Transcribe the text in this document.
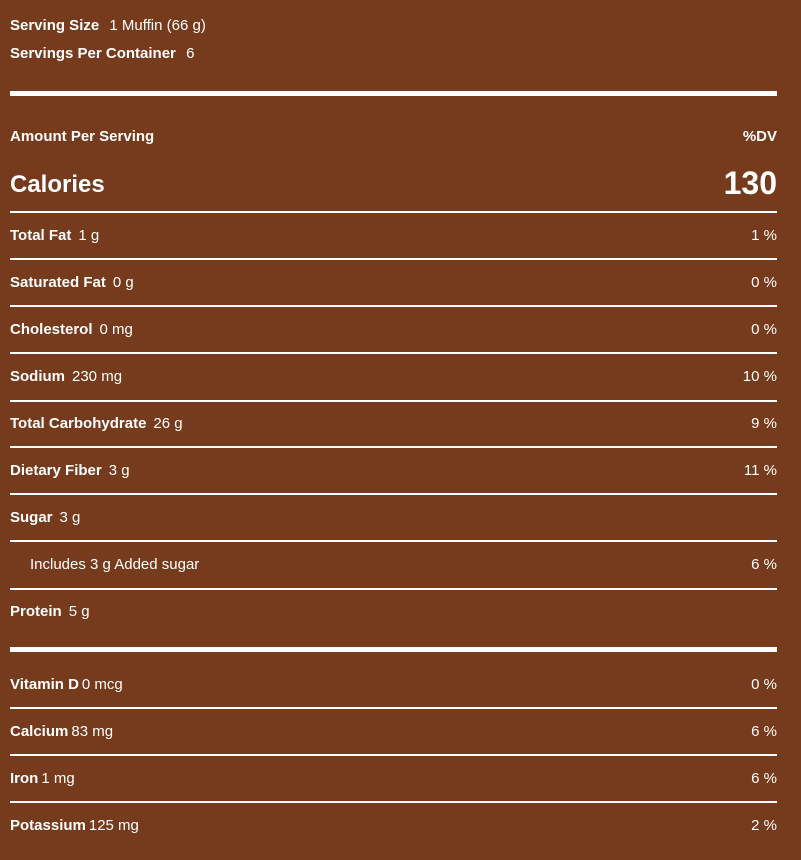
Serving Size 1 Muffin (66 g)
Servings Per Container 6
Amount Per Serving	%DV
Calories	130
Total Fat 1 g	1 %
Saturated Fat 0 g	0 %
Cholesterol 0 mg	0 %
Sodium 230 mg	10 %
Total Carbohydrate 26 g	9 %
Dietary Fiber 3 g	11 %
Sugar 3 g
Includes 3 g Added sugar	6 %
Protein 5 g
Vitamin D 0 mcg	0 %
Calcium 83 mg	6 %
Iron 1 mg	6 %
Potassium 125 mg	2 %
